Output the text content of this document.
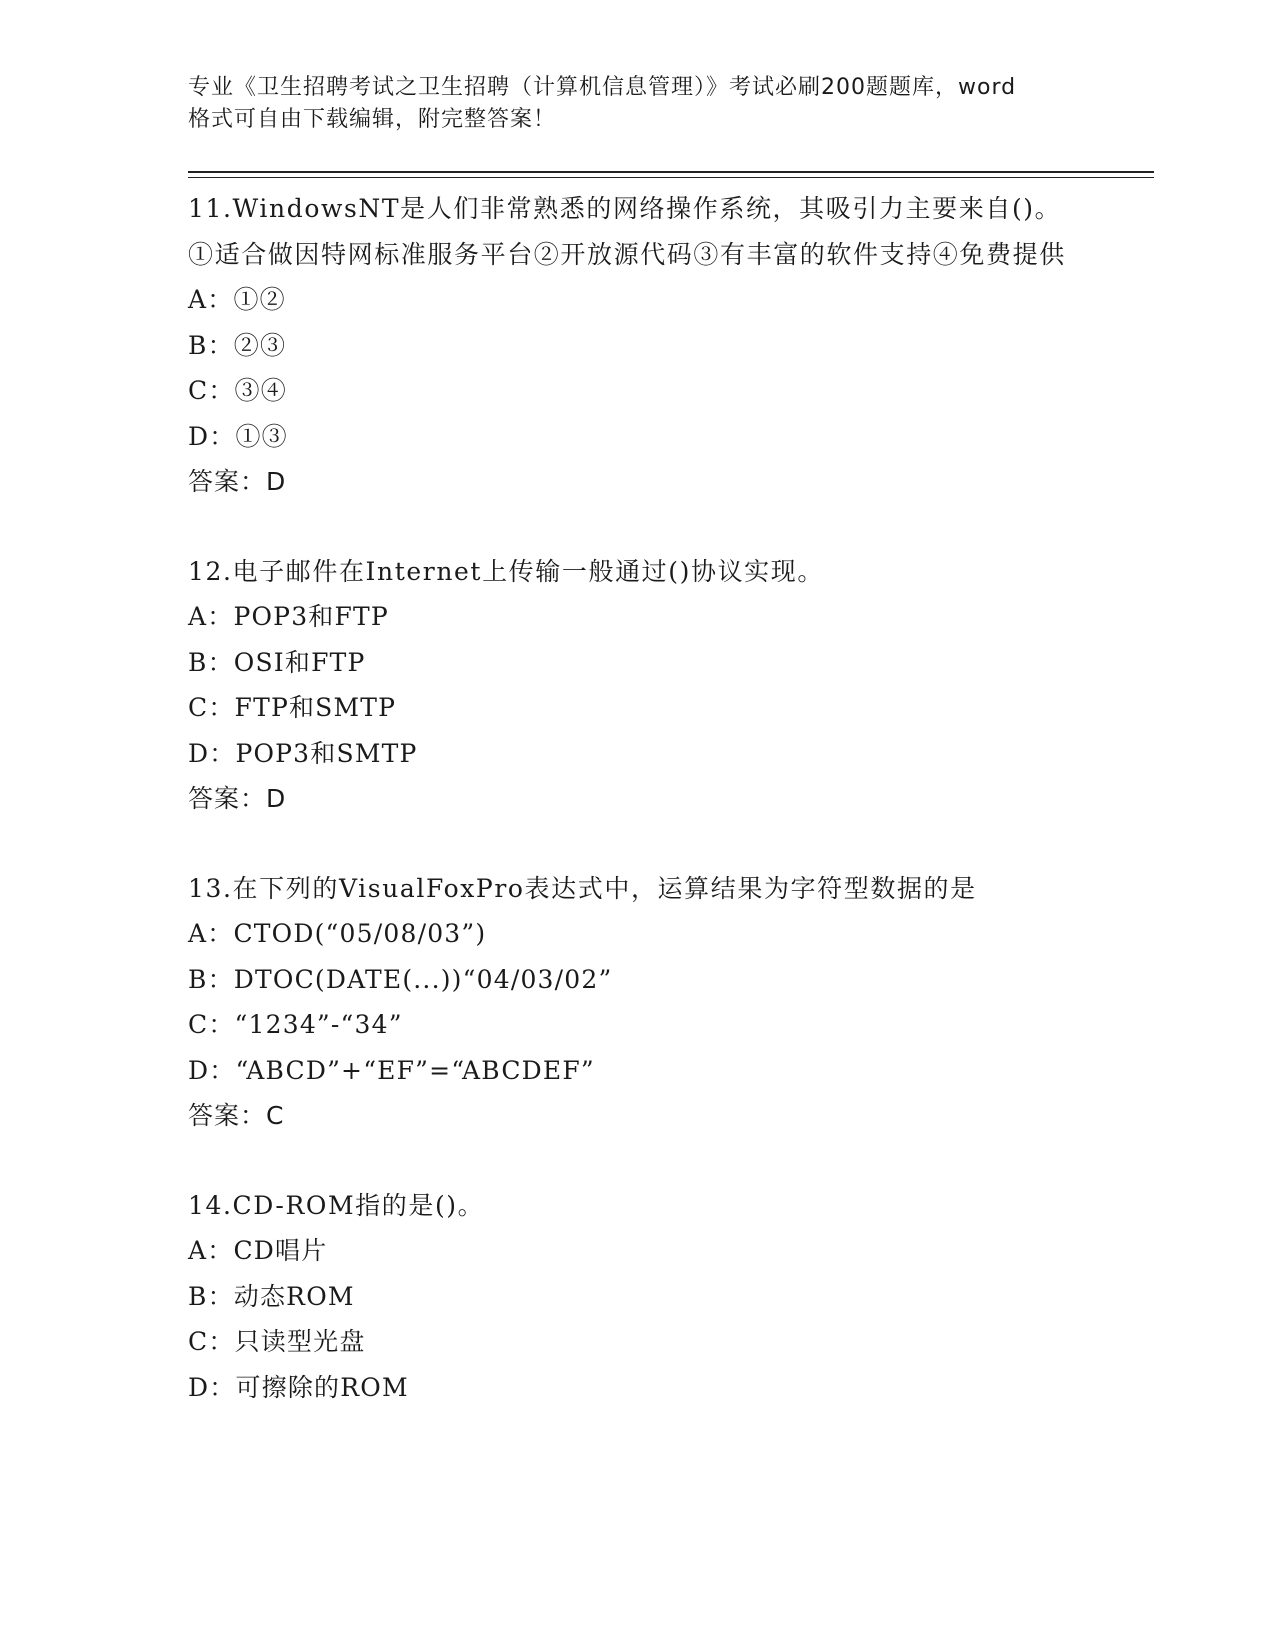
专业《卫生招聘考试之卫生招聘（计算机信息管理）》考试必刷200题题库，word
格式可自由下载编辑，附完整答案！
11.WindowsNT是人们非常熟悉的网络操作系统，其吸引力主要来自()。①适合做因特网标准服务平台②开放源代码③有丰富的软件支持④免费提供
A：①②
B：②③
C：③④
D：①③
答案：D
12.电子邮件在Internet上传输一般通过()协议实现。
A：POP3和FTP
B：OSI和FTP
C：FTP和SMTP
D：POP3和SMTP
答案：D
13.在下列的VisualFoxPro表达式中，运算结果为字符型数据的是
A：CTOD(“05/08/03”)
B：DTOC(DATE(...))“04/03/02”
C：“1234”-“34”
D：“ABCD”+“EF”=“ABCDEF”
答案：C
14.CD-ROM指的是()。
A：CD唱片
B：动态ROM
C：只读型光盘
D：可擦除的ROM
